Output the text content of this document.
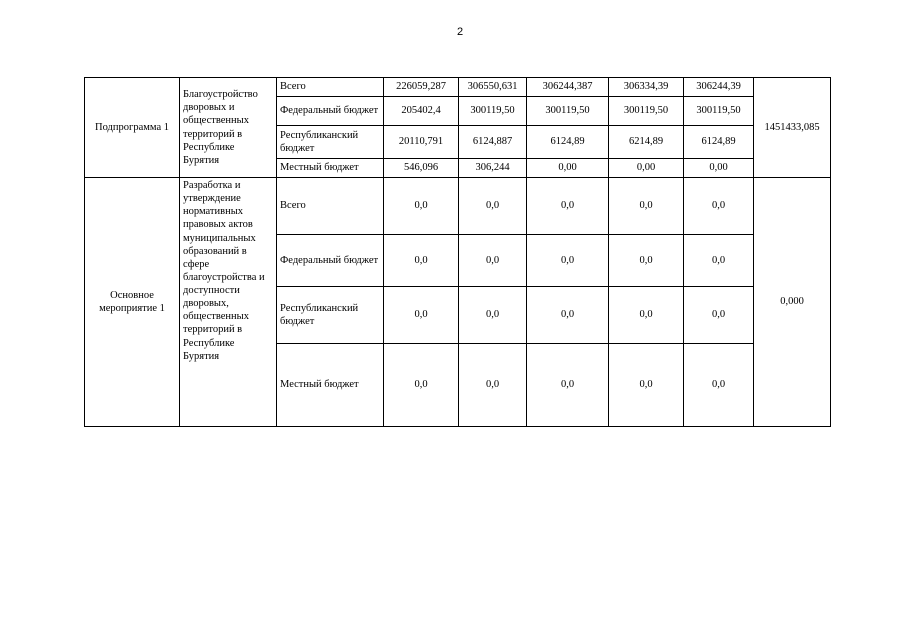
2
Подпрограмма 1	Благоустройство дворовых и общественных территорий в Республике Бурятия	Всего	226059,287	306550,631	306244,387	306334,39	306244,39	1451433,085
		Федеральный бюджет	205402,4	300119,50	300119,50	300119,50	300119,50	
		Республиканский бюджет	20110,791	6124,887	6124,89	6214,89	6124,89	
		Местный бюджет	546,096	306,244	0,00	0,00	0,00	
Основное мероприятие 1	Разработка и утверждение нормативных правовых актов муниципальных образований в сфере благоустройства и доступности дворовых, общественных территорий в Республике Бурятия	Всего	0,0	0,0	0,0	0,0	0,0	0,000
		Федеральный бюджет	0,0	0,0	0,0	0,0	0,0	
		Республиканский бюджет	0,0	0,0	0,0	0,0	0,0	
		Местный бюджет	0,0	0,0	0,0	0,0	0,0	
